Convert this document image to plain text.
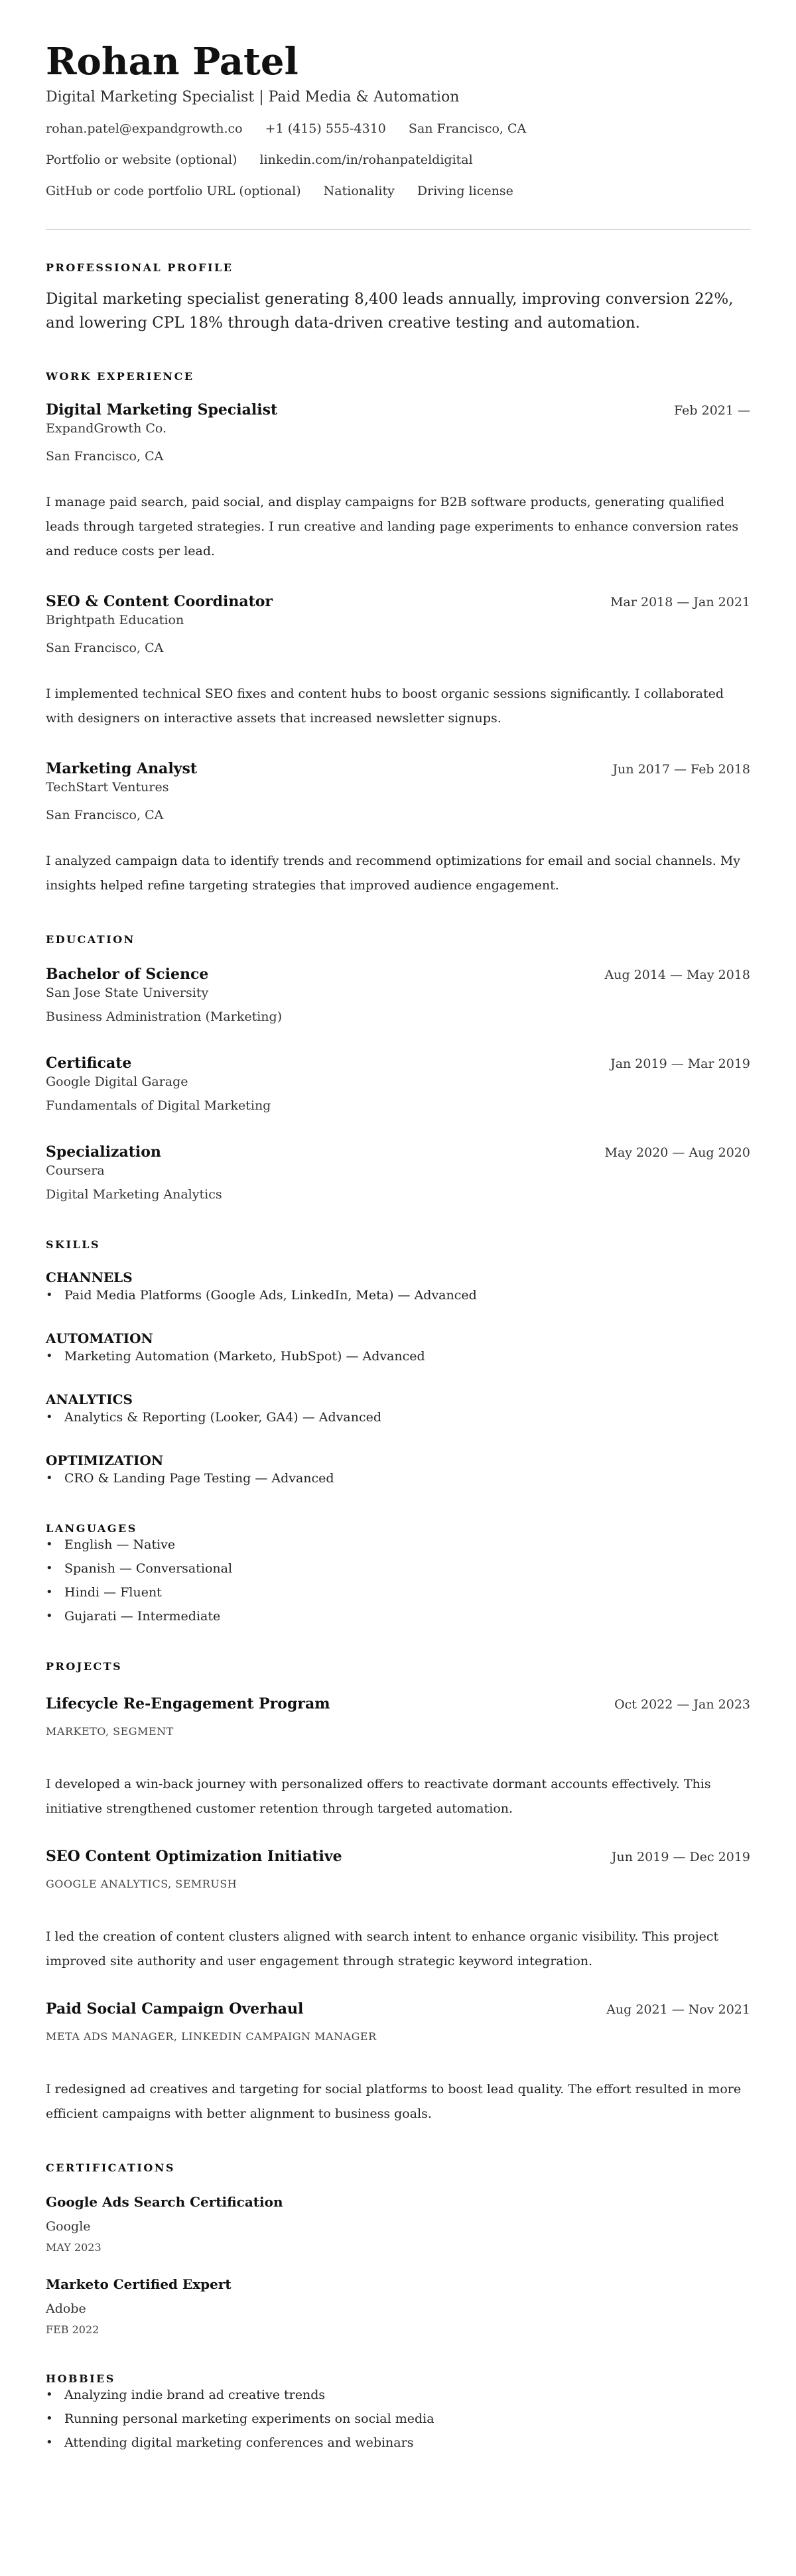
Rohan Patel
Digital Marketing Specialist | Paid Media & Automation
rohan.patel@expandgrowth.co +1 (415) 555-4310 San Francisco, CA
Portfolio or website (optional) linkedin.com/in/rohanpateldigital
GitHub or code portfolio URL (optional) Nationality Driving license
PROFESSIONAL PROFILE

Digital marketing specialist generating 8,400 leads annually, improving conversion 22%, and lowering CPL 18% through data-driven creative testing and automation.

WORK EXPERIENCE
Digital Marketing Specialist	Feb 2021 —
ExpandGrowth Co.
San Francisco, CA
I manage paid search, paid social, and display campaigns for B2B software products, generating qualified leads through targeted strategies. I run creative and landing page experiments to enhance conversion rates and reduce costs per lead.
SEO & Content Coordinator	Mar 2018 — Jan 2021
Brightpath Education
San Francisco, CA
I implemented technical SEO fixes and content hubs to boost organic sessions significantly. I collaborated with designers on interactive assets that increased newsletter signups.
Marketing Analyst	Jun 2017 — Feb 2018
TechStart Ventures
San Francisco, CA
I analyzed campaign data to identify trends and recommend optimizations for email and social channels. My insights helped refine targeting strategies that improved audience engagement.
EDUCATION
Bachelor of Science	Aug 2014 — May 2018
San Jose State University
Business Administration (Marketing)
Certificate	Jan 2019 — Mar 2019
Google Digital Garage
Fundamentals of Digital Marketing
Specialization	May 2020 — Aug 2020
Coursera
Digital Marketing Analytics
SKILLS
CHANNELS
• Paid Media Platforms (Google Ads, LinkedIn, Meta) — Advanced
AUTOMATION
• Marketing Automation (Marketo, HubSpot) — Advanced
ANALYTICS
• Analytics & Reporting (Looker, GA4) — Advanced
OPTIMIZATION
• CRO & Landing Page Testing — Advanced
LANGUAGES
• English — Native
• Spanish — Conversational
• Hindi — Fluent
• Gujarati — Intermediate
PROJECTS
Lifecycle Re-Engagement Program	Oct 2022 — Jan 2023
MARKETO, SEGMENT
I developed a win-back journey with personalized offers to reactivate dormant accounts effectively. This initiative strengthened customer retention through targeted automation.
SEO Content Optimization Initiative	Jun 2019 — Dec 2019
GOOGLE ANALYTICS, SEMRUSH
I led the creation of content clusters aligned with search intent to enhance organic visibility. This project improved site authority and user engagement through strategic keyword integration.
Paid Social Campaign Overhaul	Aug 2021 — Nov 2021
META ADS MANAGER, LINKEDIN CAMPAIGN MANAGER
I redesigned ad creatives and targeting for social platforms to boost lead quality. The effort resulted in more efficient campaigns with better alignment to business goals.
CERTIFICATIONS
Google Ads Search Certification
Google
MAY 2023
Marketo Certified Expert
Adobe
FEB 2022
HOBBIES
• Analyzing indie brand ad creative trends
• Running personal marketing experiments on social media
• Attending digital marketing conferences and webinars
